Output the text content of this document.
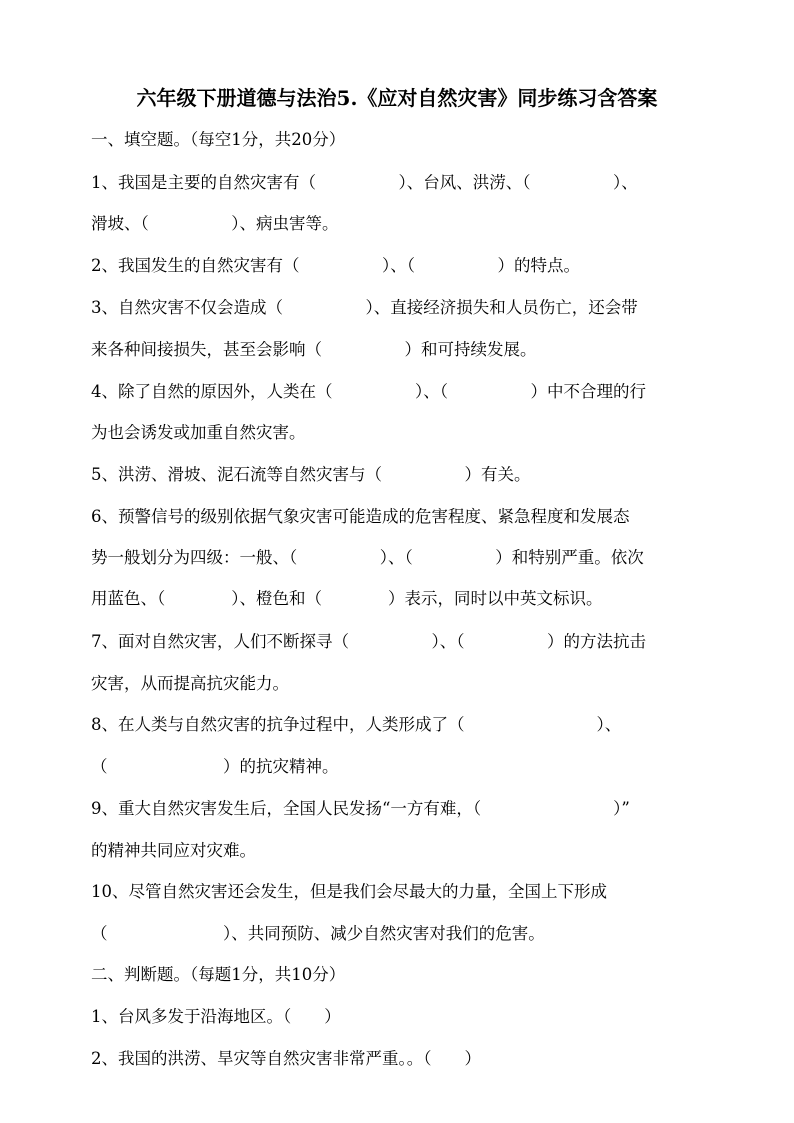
六年级下册道德与法治5.《应对自然灾害》同步练习含答案
一、填空题。（每空1分，共20分）
1、我国是主要的自然灾害有（　　　　　）、台风、洪涝、（　　　　　）、
滑坡、（　　　　　）、病虫害等。
2、我国发生的自然灾害有（　　　　　）、（　　　　　）的特点。
3、自然灾害不仅会造成（　　　　　）、直接经济损失和人员伤亡，还会带
来各种间接损失，甚至会影响（　　　　　）和可持续发展。
4、除了自然的原因外，人类在（　　　　　）、（　　　　　）中不合理的行
为也会诱发或加重自然灾害。
5、洪涝、滑坡、泥石流等自然灾害与（　　　　　）有关。
6、预警信号的级别依据气象灾害可能造成的危害程度、紧急程度和发展态
势一般划分为四级：一般、（　　　　　）、（　　　　　）和特别严重。依次
用蓝色、（　　　　）、橙色和（　　　　）表示，同时以中英文标识。
7、面对自然灾害，人们不断探寻（　　　　　）、（　　　　　）的方法抗击
灾害，从而提高抗灾能力。
8、在人类与自然灾害的抗争过程中，人类形成了（　　　　　　　　）、
（　　　　　　　）的抗灾精神。
9、重大自然灾害发生后，全国人民发扬“一方有难，（　　　　　　　　）”
的精神共同应对灾难。
10、尽管自然灾害还会发生，但是我们会尽最大的力量，全国上下形成
（　　　　　　　）、共同预防、减少自然灾害对我们的危害。
二、判断题。（每题1分，共10分）
1、台风多发于沿海地区。（　　）
2、我国的洪涝、旱灾等自然灾害非常严重。。（　　）
